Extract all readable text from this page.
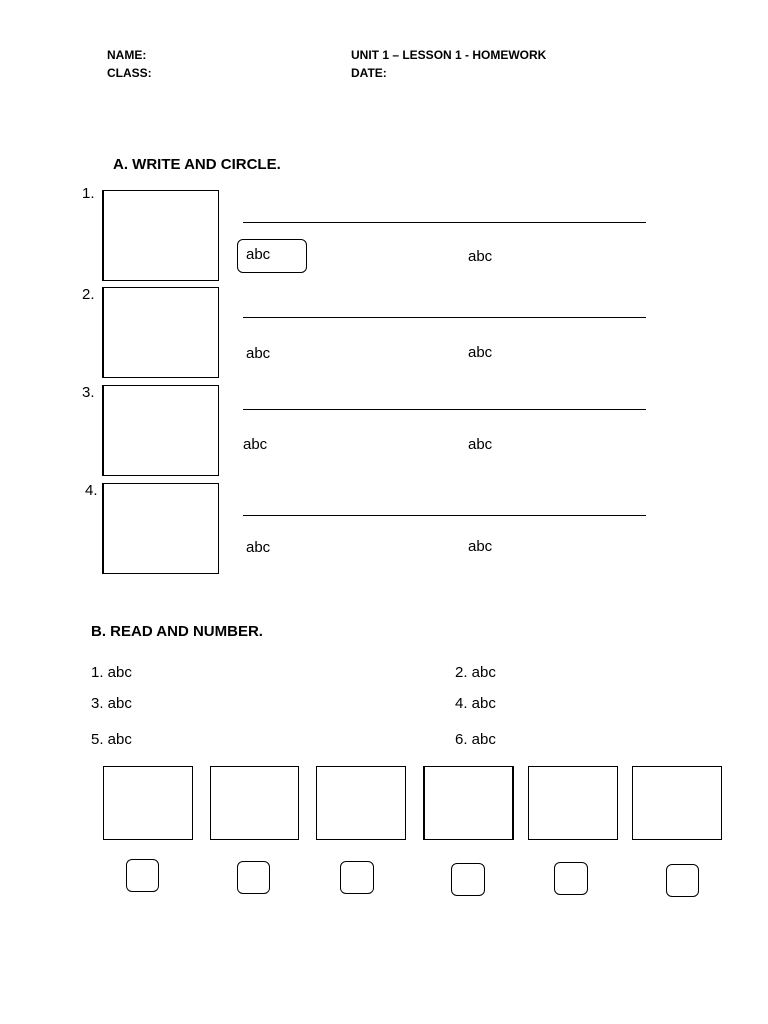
NAME:
CLASS:
UNIT 1 – LESSON 1 - HOMEWORK
DATE:
A. WRITE AND CIRCLE.
1.
abc	abc
2.
abc	abc
3.
abc	abc
4.
abc	abc
B. READ AND NUMBER.
1. abc	2. abc
3. abc	4. abc
5. abc	6. abc
